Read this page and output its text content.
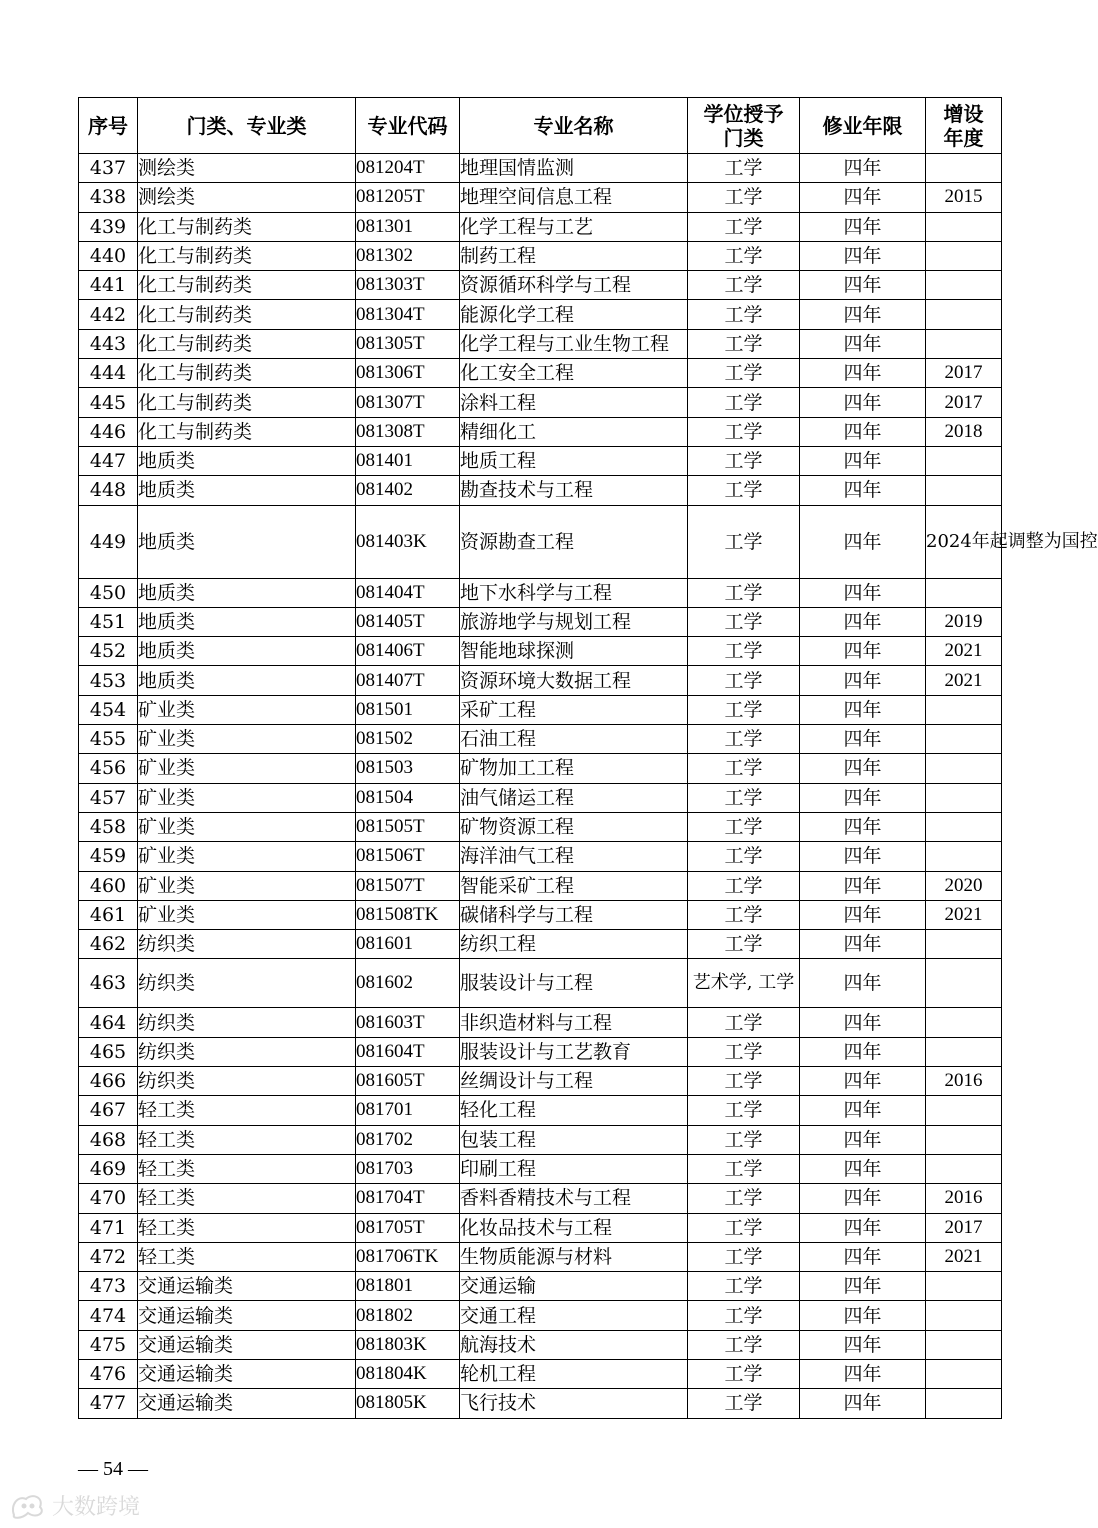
序号	门类、专业类	专业代码	专业名称	学位授予门类	修业年限	增设年度
437	测绘类	081204T	地理国情监测	工学	四年	
438	测绘类	081205T	地理空间信息工程	工学	四年	2015
439	化工与制药类	081301	化学工程与工艺	工学	四年	
440	化工与制药类	081302	制药工程	工学	四年	
441	化工与制药类	081303T	资源循环科学与工程	工学	四年	
442	化工与制药类	081304T	能源化学工程	工学	四年	
443	化工与制药类	081305T	化学工程与工业生物工程	工学	四年	
444	化工与制药类	081306T	化工安全工程	工学	四年	2017
445	化工与制药类	081307T	涂料工程	工学	四年	2017
446	化工与制药类	081308T	精细化工	工学	四年	2018
447	地质类	081401	地质工程	工学	四年	
448	地质类	081402	勘查技术与工程	工学	四年	
449	地质类	081403K	资源勘查工程	工学	四年	2024年起调整为国控
450	地质类	081404T	地下水科学与工程	工学	四年	
451	地质类	081405T	旅游地学与规划工程	工学	四年	2019
452	地质类	081406T	智能地球探测	工学	四年	2021
453	地质类	081407T	资源环境大数据工程	工学	四年	2021
454	矿业类	081501	采矿工程	工学	四年	
455	矿业类	081502	石油工程	工学	四年	
456	矿业类	081503	矿物加工工程	工学	四年	
457	矿业类	081504	油气储运工程	工学	四年	
458	矿业类	081505T	矿物资源工程	工学	四年	
459	矿业类	081506T	海洋油气工程	工学	四年	
460	矿业类	081507T	智能采矿工程	工学	四年	2020
461	矿业类	081508TK	碳储科学与工程	工学	四年	2021
462	纺织类	081601	纺织工程	工学	四年	
463	纺织类	081602	服装设计与工程	艺术学, 工学	四年	
464	纺织类	081603T	非织造材料与工程	工学	四年	
465	纺织类	081604T	服装设计与工艺教育	工学	四年	
466	纺织类	081605T	丝绸设计与工程	工学	四年	2016
467	轻工类	081701	轻化工程	工学	四年	
468	轻工类	081702	包装工程	工学	四年	
469	轻工类	081703	印刷工程	工学	四年	
470	轻工类	081704T	香料香精技术与工程	工学	四年	2016
471	轻工类	081705T	化妆品技术与工程	工学	四年	2017
472	轻工类	081706TK	生物质能源与材料	工学	四年	2021
473	交通运输类	081801	交通运输	工学	四年	
474	交通运输类	081802	交通工程	工学	四年	
475	交通运输类	081803K	航海技术	工学	四年	
476	交通运输类	081804K	轮机工程	工学	四年	
477	交通运输类	081805K	飞行技术	工学	四年	
— 54 —
大数跨境
